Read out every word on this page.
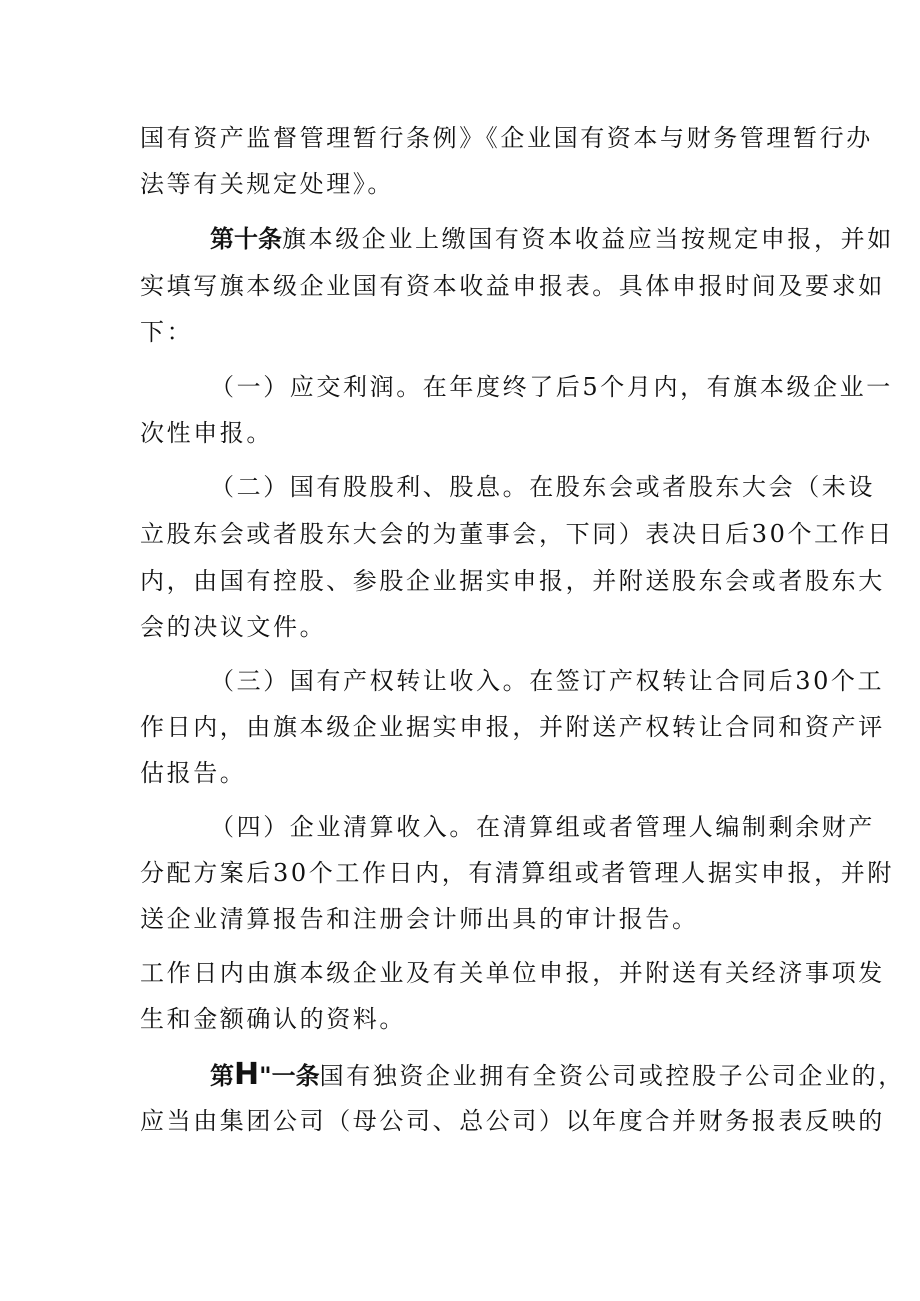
国有资产监督管理暂行条例》《企业国有资本与财务管理暂行办
法等有关规定处理》。
第十条旗本级企业上缴国有资本收益应当按规定申报，并如
实填写旗本级企业国有资本收益申报表。具体申报时间及要求如
下：
（一）应交利润。在年度终了后5个月内，有旗本级企业一
次性申报。
（二）国有股股利、股息。在股东会或者股东大会（未设
立股东会或者股东大会的为董事会，下同）表决日后30个工作日
内，由国有控股、参股企业据实申报，并附送股东会或者股东大
会的决议文件。
（三）国有产权转让收入。在签订产权转让合同后30个工
作日内，由旗本级企业据实申报，并附送产权转让合同和资产评
估报告。
（四）企业清算收入。在清算组或者管理人编制剩余财产
分配方案后30个工作日内，有清算组或者管理人据实申报，并附
送企业清算报告和注册会计师出具的审计报告。
工作日内由旗本级企业及有关单位申报，并附送有关经济事项发
生和金额确认的资料。
第H"一条国有独资企业拥有全资公司或控股子公司企业的，
应当由集团公司（母公司、总公司）以年度合并财务报表反映的
